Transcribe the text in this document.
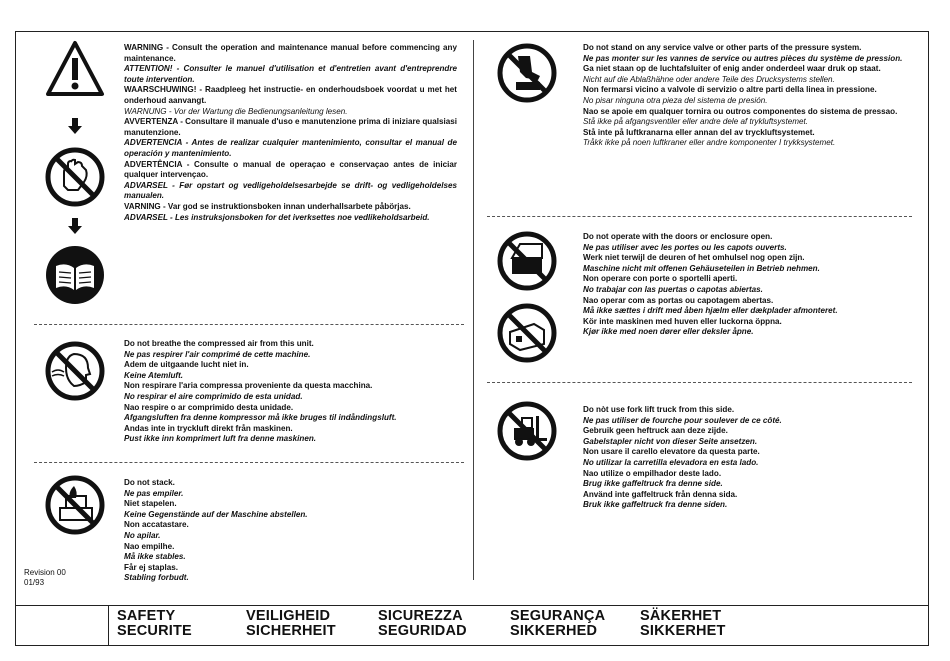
WARNING - Consult the operation and maintenance manual before commencing any maintenance.
ATTENTION! - Consulter le manuel d'utilisation et d'entretien avant d'entreprendre toute intervention.
WAARSCHUWING! - Raadpleeg het instructie- en onderhoudsboek voordat u met het onderhoud aanvangt.
WARNUNG - Vor der Wartung die Bedienungsanleitung lesen.
AVVERTENZA - Consultare il manuale d'uso e manutenzione prima di iniziare qualsiasi manutenzione.
ADVERTENCIA - Antes de realizar cualquier mantenimiento, consultar el manual de operación y mantenimiento.
ADVERTÊNCIA - Consulte o manual de operaçao e conservaçao antes de iniciar qualquer intervençao.
ADVARSEL - Før opstart og vedligeholdelsesarbejde se drift- og vedligeholdelses manualen.
VARNING - Var god se instruktionsboken innan underhallsarbete påbörjas.
ADVARSEL - Les instruksjonsboken for det iverksettes noe vedlikeholdsarbeid.
Do not breathe the compressed air from this unit.
Ne pas respirer l'air comprimé de cette machine.
Adem de uitgaande lucht niet in.
Keine Atemluft.
Non respirare l'aria compressa proveniente da questa macchina.
No respirar el aire comprimido de esta unidad.
Nao respire o ar comprimido desta unidade.
Afgangsluften fra denne kompressor må ikke bruges til indåndingsluft.
Andas inte in tryckluft direkt från maskinen.
Pust ikke inn komprimert luft fra denne maskinen.
Do not stack.
Ne pas empiler.
Niet stapelen.
Keine Gegenstände auf der Maschine abstellen.
Non accatastare.
No apilar.
Nao empilhe.
Må ikke stables.
Får ej staplas.
Stabling forbudt.
Do not stand on any service valve or other parts of the pressure system.
Ne pas monter sur les vannes de service ou autres pièces du système de pression.
Ga niet staan op de luchtafsluiter of enig ander onderdeel waar druk op staat.
Nicht auf die Ablaßhähne oder andere Teile des Drucksystems stellen.
Non fermarsi vicino a valvole di servizio o altre parti della linea in pressione.
No pisar ninguna otra pieza del sistema de presión.
Nao se apoie em qualquer tornira ou outros componentes do sistema de pressao.
Stå ikke på afgangsventiler eller andre dele af trykluftsystemet.
Stå inte på luftkranarna eller annan del av tryckluftsystemet.
Tråkk ikke på noen luftkraner eller andre komponenter I trykksystemet.
Do not operate with the doors or enclosure open.
Ne pas utiliser avec les portes ou les capots ouverts.
Werk niet terwijl de deuren of het omhulsel nog open zijn.
Maschine nicht mit offenen Gehäuseteilen in Betrieb nehmen.
Non operare con porte o sportelli aperti.
No trabajar con las puertas o capotas abiertas.
Nao operar com as portas ou capotagem abertas.
Må ikke sættes i drift med åben hjælm eller dækplader afmonteret.
Kör inte maskinen med huven eller luckorna öppna.
Kjør ikke med noen dører eller deksler åpne.
Do nòt use fork lift truck from this side.
Ne pas utiliser de fourche pour soulever de ce côté.
Gebruik geen heftruck aan deze zijde.
Gabelstapler nicht von dieser Seite ansetzen.
Non usare il carello elevatore da questa parte.
No utilizar la carretilla elevadora en esta lado.
Nao utilize o empilhador deste lado.
Brug ikke gaffeltruck fra denne side.
Använd inte gaffeltruck från denna sida.
Bruk ikke gaffeltruck fra denne siden.
Revision 00
01/93
SAFETY
SECURITE
VEILIGHEID
SICHERHEIT
SICUREZZA
SEGURIDAD
SEGURANÇA
SIKKERHED
SÄKERHET
SIKKERHET
